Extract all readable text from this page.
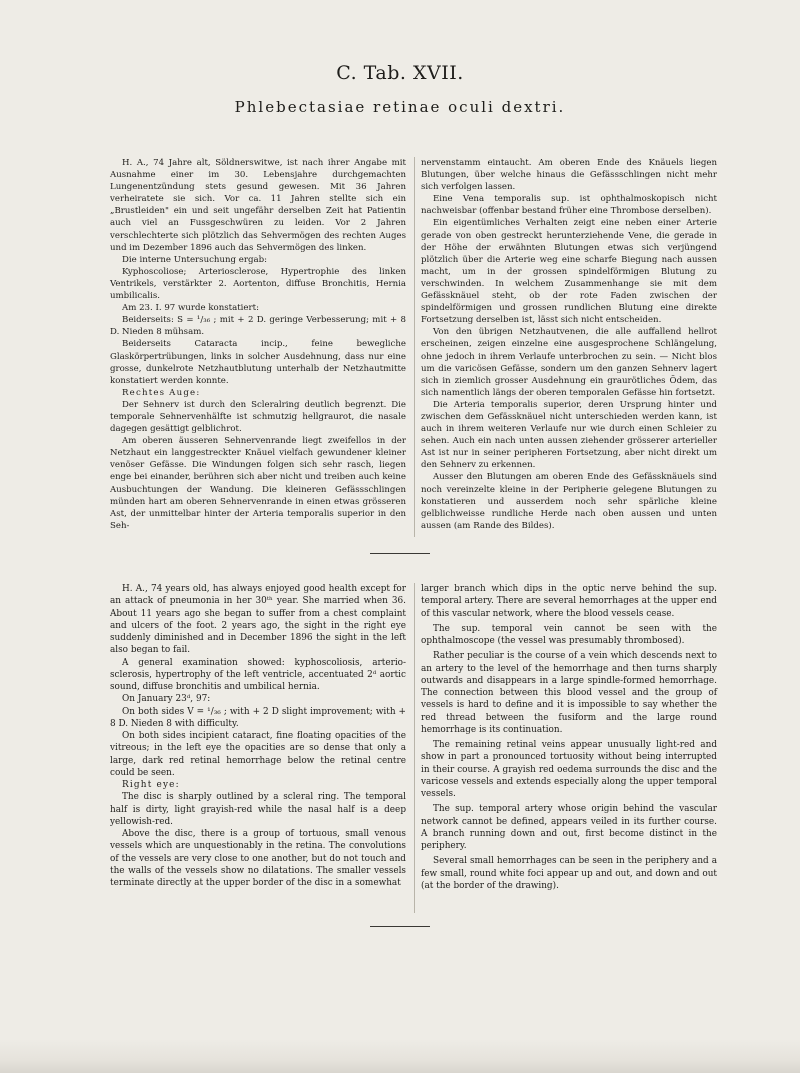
C. Tab. XVII.
Phlebectasiae retinae oculi dextri.

H. A., 74 Jahre alt, Söldnerswitwe, ist nach ihrer Angabe mit Ausnahme einer im 30. Lebensjahre durchgemachten Lungenentzündung stets gesund gewesen. Mit 36 Jahren verheiratete sie sich. Vor ca. 11 Jahren stellte sich ein „Brustleiden" ein und seit ungefähr derselben Zeit hat Patientin auch viel an Fussgeschwüren zu leiden. Vor 2 Jahren verschlechterte sich plötzlich das Sehvermögen des rechten Auges und im Dezember 1896 auch das Sehvermögen des linken.

Die interne Untersuchung ergab:

Kyphoscoliose; Arteriosclerose, Hypertrophie des linken Ventrikels, verstärkter 2. Aortenton, diffuse Bronchitis, Hernia umbilicalis.

Am 23. I. 97 wurde konstatiert:

Beiderseits: S = ¹/₃₆ ; mit + 2 D. geringe Verbesserung; mit + 8 D. Nieden 8 mühsam.

Beiderseits Cataracta incip., feine bewegliche Glaskörpertrübungen, links in solcher Ausdehnung, dass nur eine grosse, dunkelrote Netzhautblutung unterhalb der Netzhautmitte konstatiert werden konnte.

Rechtes Auge:

Der Sehnerv ist durch den Scleralring deutlich begrenzt. Die temporale Sehnervenhälfte ist schmutzig hellgraurot, die nasale dagegen gesättigt gelblichrot.

Am oberen äusseren Sehnervenrande liegt zweifellos in der Netzhaut ein langgestreckter Knäuel vielfach gewundener kleiner venöser Gefässe. Die Windungen folgen sich sehr rasch, liegen enge bei einander, berühren sich aber nicht und treiben auch keine Ausbuchtungen der Wandung. Die kleineren Gefässschlingen münden hart am oberen Sehnervenrande in einen etwas grösseren Ast, der unmittelbar hinter der Arteria temporalis superior in den Seh-

nervenstamm eintaucht. Am oberen Ende des Knäuels liegen Blutungen, über welche hinaus die Gefässschlingen nicht mehr sich verfolgen lassen.

Eine Vena temporalis sup. ist ophthalmoskopisch nicht nachweisbar (offenbar bestand früher eine Thrombose derselben).

Ein eigentümliches Verhalten zeigt eine neben einer Arterie gerade von oben gestreckt herunterziehende Vene, die gerade in der Höhe der erwähnten Blutungen etwas sich verjüngend plötzlich über die Arterie weg eine scharfe Biegung nach aussen macht, um in der grossen spindelförmigen Blutung zu verschwinden. In welchem Zusammenhange sie mit dem Gefässknäuel steht, ob der rote Faden zwischen der spindelförmigen und grossen rundlichen Blutung eine direkte Fortsetzung derselben ist, lässt sich nicht entscheiden.

Von den übrigen Netzhautvenen, die alle auffallend hellrot erscheinen, zeigen einzelne eine ausgesprochene Schlängelung, ohne jedoch in ihrem Verlaufe unterbrochen zu sein. — Nicht blos um die varicösen Gefässe, sondern um den ganzen Sehnerv lagert sich in ziemlich grosser Ausdehnung ein graurötliches Ödem, das sich namentlich längs der oberen temporalen Gefässe hin fortsetzt.

Die Arteria temporalis superior, deren Ursprung hinter und zwischen dem Gefässknäuel nicht unterschieden werden kann, ist auch in ihrem weiteren Verlaufe nur wie durch einen Schleier zu sehen. Auch ein nach unten aussen ziehender grösserer arterieller Ast ist nur in seiner peripheren Fortsetzung, aber nicht direkt um den Sehnerv zu erkennen.

Ausser den Blutungen am oberen Ende des Gefässknäuels sind noch vereinzelte kleine in der Peripherie gelegene Blutungen zu konstatieren und ausserdem noch sehr spärliche kleine gelblichweisse rundliche Herde nach oben aussen und unten aussen (am Rande des Bildes).

H. A., 74 years old, has always enjoyed good health except for an attack of pneumonia in her 30ᵗʰ year. She married when 36. About 11 years ago she began to suffer from a chest complaint and ulcers of the foot. 2 years ago, the sight in the right eye suddenly diminished and in December 1896 the sight in the left also began to fail.

A general examination showed: kyphoscoliosis, arterio-sclerosis, hypertrophy of the left ventricle, accentuated 2ᵈ aortic sound, diffuse bronchitis and umbilical hernia.

On January 23ᵈ, 97:

On both sides V = ¹/₃₆ ; with + 2 D slight improvement; with + 8 D. Nieden 8 with difficulty.

On both sides incipient cataract, fine floating opacities of the vitreous; in the left eye the opacities are so dense that only a large, dark red retinal hemorrhage below the retinal centre could be seen.

Right eye:

The disc is sharply outlined by a scleral ring. The temporal half is dirty, light grayish-red while the nasal half is a deep yellowish-red.

Above the disc, there is a group of tortuous, small venous vessels which are unquestionably in the retina. The convolutions of the vessels are very close to one another, but do not touch and the walls of the vessels show no dilatations. The smaller vessels terminate directly at the upper border of the disc in a somewhat

larger branch which dips in the optic nerve behind the sup. temporal artery. There are several hemorrhages at the upper end of this vascular network, where the blood vessels cease.

The sup. temporal vein cannot be seen with the ophthalmoscope (the vessel was presumably thrombosed).

Rather peculiar is the course of a vein which descends next to an artery to the level of the hemorrhage and then turns sharply outwards and disappears in a large spindle-formed hemorrhage. The connection between this blood vessel and the group of vessels is hard to define and it is impossible to say whether the red thread between the fusiform and the large round hemorrhage is its continuation.

The remaining retinal veins appear unusually light-red and show in part a pronounced tortuosity without being interrupted in their course. A grayish red oedema surrounds the disc and the varicose vessels and extends especially along the upper temporal vessels.

The sup. temporal artery whose origin behind the vascular network cannot be defined, appears veiled in its further course. A branch running down and out, first become distinct in the periphery.

Several small hemorrhages can be seen in the periphery and a few small, round white foci appear up and out, and down and out (at the border of the drawing).
